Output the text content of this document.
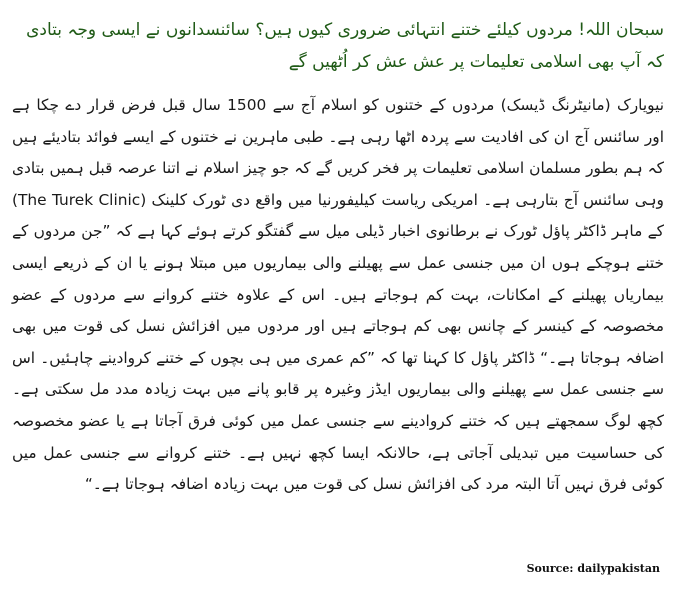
سبحان اللہ! مردوں کیلئے ختنے انتہائی ضروری کیوں ہیں؟ سائنسدانوں نے ایسی وجہ بتادی کہ آپ بھی اسلامی تعلیمات پر عش عش کر اُٹھیں گے

نیویارک (مانیٹرنگ ڈیسک) مردوں کے ختنوں کو اسلام آج سے 1500 سال قبل فرض قرار دے چکا ہے اور سائنس آج ان کی افادیت سے پردہ اٹھا رہی ہے۔ طبی ماہرین نے ختنوں کے ایسے فوائد بتادیئے ہیں کہ ہم بطور مسلمان اسلامی تعلیمات پر فخر کریں گے کہ جو چیز اسلام نے اتنا عرصہ قبل ہمیں بتادی وہی سائنس آج بتارہی ہے۔ امریکی ریاست کیلیفورنیا میں واقع دی ٹورک کلینک (The Turek Clinic) کے ماہر ڈاکٹر پاؤل ٹورک نے برطانوی اخبار ڈیلی میل سے گفتگو کرتے ہوئے کہا ہے کہ ”جن مردوں کے ختنے ہوچکے ہوں ان میں جنسی عمل سے پھیلنے والی بیماریوں میں مبتلا ہونے یا ان کے ذریعے ایسی بیماریاں پھیلنے کے امکانات، بہت کم ہوجاتے ہیں۔ اس کے علاوہ ختنے کروانے سے مردوں کے عضو مخصوصہ کے کینسر کے چانس بھی کم ہوجاتے ہیں اور مردوں میں افزائش نسل کی قوت میں بھی اضافہ ہوجاتا ہے۔“ ڈاکٹر پاؤل کا کہنا تھا کہ ”کم عمری میں ہی بچوں کے ختنے کروادینے چاہئیں۔ اس سے جنسی عمل سے پھیلنے والی بیماریوں ایڈز وغیرہ پر قابو پانے میں بہت زیادہ مدد مل سکتی ہے۔ کچھ لوگ سمجھتے ہیں کہ ختنے کروادینے سے جنسی عمل میں کوئی فرق آجاتا ہے یا عضو مخصوصہ کی حساسیت میں تبدیلی آجاتی ہے، حالانکہ ایسا کچھ نہیں ہے۔ ختنے کروانے سے جنسی عمل میں کوئی فرق نہیں آتا البتہ مرد کی افزائش نسل کی قوت میں بہت زیادہ اضافہ ہوجاتا ہے۔“

Source: dailypakistan
